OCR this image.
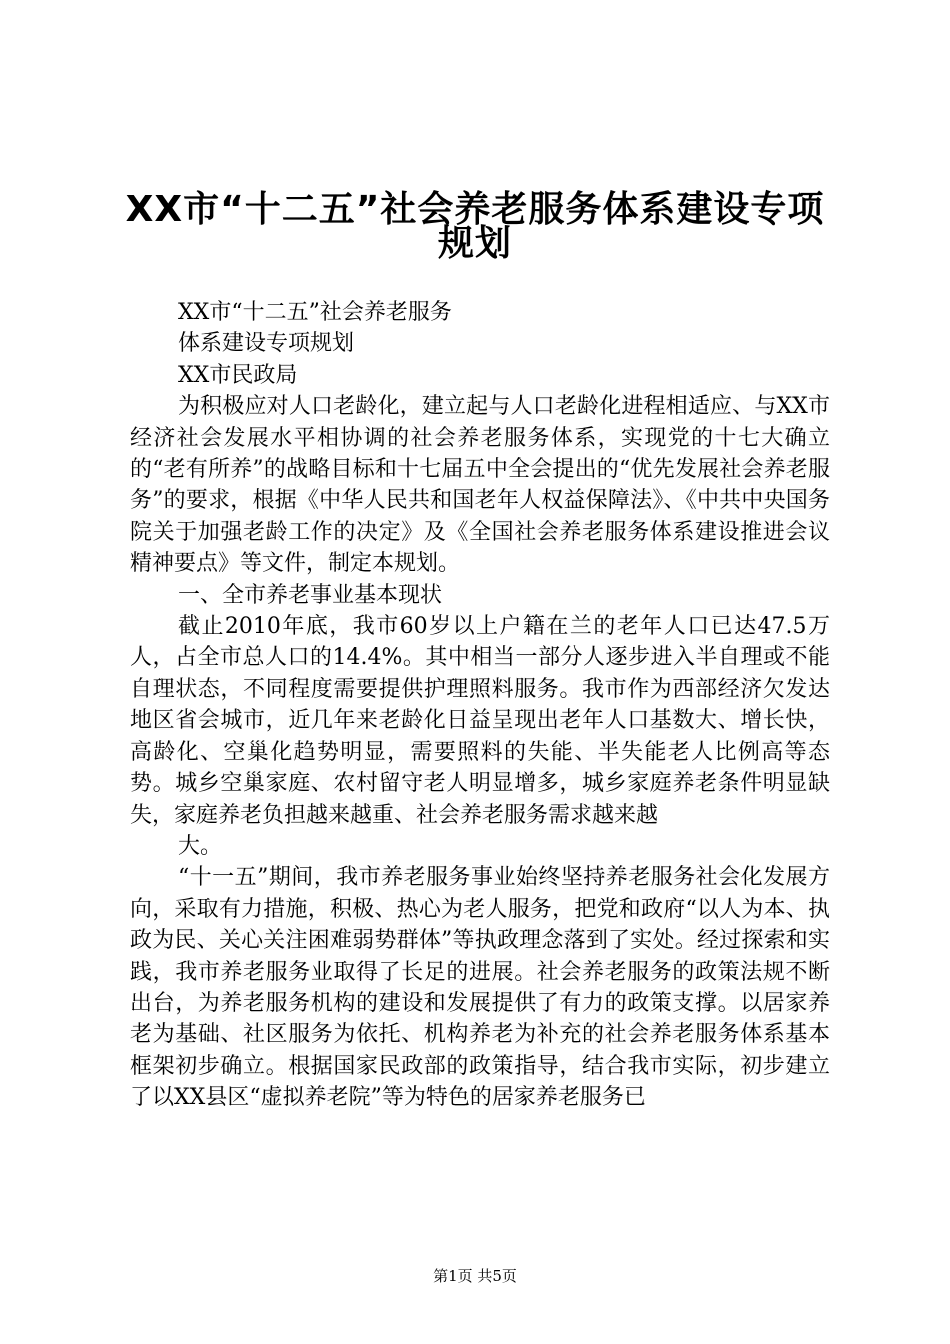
XX市“十二五”社会养老服务体系建设专项
规划

XX市“十二五”社会养老服务

体系建设专项规划

XX市民政局

为积极应对人口老龄化，建立起与人口老龄化进程相适应、与XX市经济社会发展水平相协调的社会养老服务体系，实现党的十七大确立的“老有所养”的战略目标和十七届五中全会提出的“优先发展社会养老服务”的要求，根据《中华人民共和国老年人权益保障法》、《中共中央国务院关于加强老龄工作的决定》及《全国社会养老服务体系建设推进会议精神要点》等文件，制定本规划。

一、全市养老事业基本现状

截止2010年底，我市60岁以上户籍在兰的老年人口已达47.5万人，占全市总人口的14.4%。其中相当一部分人逐步进入半自理或不能自理状态，不同程度需要提供护理照料服务。我市作为西部经济欠发达地区省会城市，近几年来老龄化日益呈现出老年人口基数大、增长快，高龄化、空巢化趋势明显，需要照料的失能、半失能老人比例高等态势。城乡空巢家庭、农村留守老人明显增多，城乡家庭养老条件明显缺失，家庭养老负担越来越重、社会养老服务需求越来越

大。

“十一五”期间，我市养老服务事业始终坚持养老服务社会化发展方向，采取有力措施，积极、热心为老人服务，把党和政府“以人为本、执政为民、关心关注困难弱势群体”等执政理念落到了实处。经过探索和实践，我市养老服务业取得了长足的进展。社会养老服务的政策法规不断出台，为养老服务机构的建设和发展提供了有力的政策支撑。以居家养老为基础、社区服务为依托、机构养老为补充的社会养老服务体系基本框架初步确立。根据国家民政部的政策指导，结合我市实际，初步建立了以XX县区“虚拟养老院”等为特色的居家养老服务已

第1页 共5页
